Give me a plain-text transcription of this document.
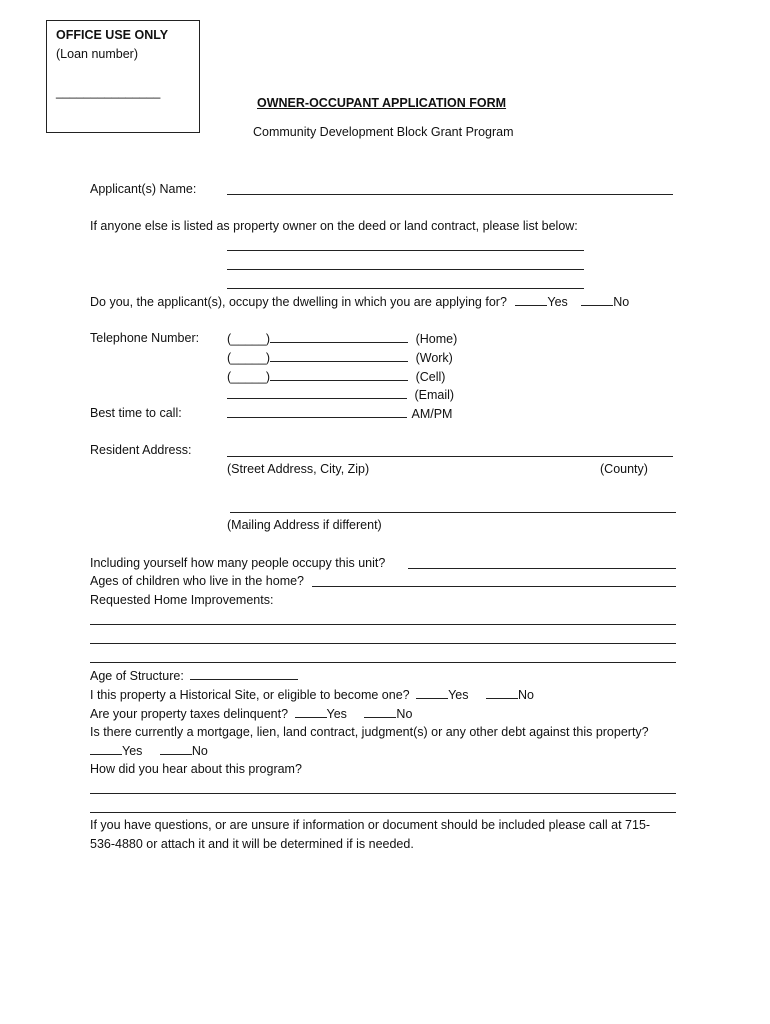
OFFICE USE ONLY
(Loan number)
_______________
OWNER-OCCUPANT APPLICATION FORM
Community Development Block Grant Program
Applicant(s) Name:
If anyone else is listed as property owner on the deed or land contract, please list below:
Do you, the applicant(s), occupy the dwelling in which you are applying for?	Yes	No
Telephone Number: (_____)	(Home)
(_____)	(Work)
(_____)	(Cell)
(Email)
Best time to call:	AM/PM
Resident Address:
(Street Address, City, Zip)	(County)
(Mailing Address if different)
Including yourself how many people occupy this unit?
Ages of children who live in the home?
Requested Home Improvements:
Age of Structure:
I this property a Historical Site, or eligible to become one?	Yes	No
Are your property taxes delinquent?	Yes	No
Is there currently a mortgage, lien, land contract, judgment(s) or any other debt against this property?
Yes	No
How did you hear about this program?
If you have questions, or are unsure if information or document should be included please call at 715-
536-4880 or attach it and it will be determined if is needed.
